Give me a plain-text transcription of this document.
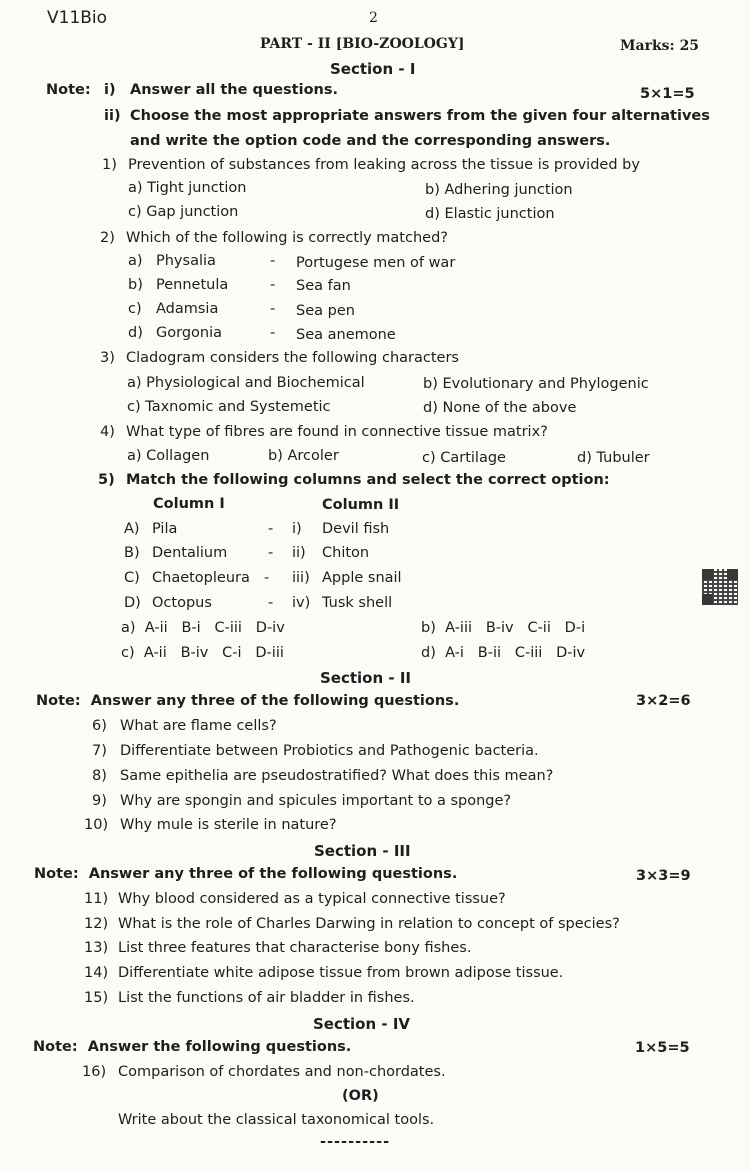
V11Bio	2
PART - II [BIO-ZOOLOGY]	Marks: 25
Section - I
Note: i) Answer all the questions.	5×1=5
ii) Choose the most appropriate answers from the given four alternatives
and write the option code and the corresponding answers.
1) Prevention of substances from leaking across the tissue is provided by
a) Tight junction	b) Adhering junction
c) Gap junction	d) Elastic junction
2) Which of the following is correctly matched?
a) Physalia	- Portugese men of war
b) Pennetula	- Sea fan
c) Adamsia	- Sea pen
d) Gorgonia	- Sea anemone
3) Cladogram considers the following characters
a) Physiological and Biochemical	b) Evolutionary and Phylogenic
c) Taxnomic and Systemetic	d) None of the above
4) What type of fibres are found in connective tissue matrix?
a) Collagen	b) Arcoler	c) Cartilage	d) Tubuler
5) Match the following columns and select the correct option:
Column I	Column II
A) Pila	- i) Devil fish
B) Dentalium	- ii) Chiton
C) Chaetopleura - iii) Apple snail
D) Octopus	- iv) Tusk shell
a)  A-ii   B-i   C-iii   D-iv	b)  A-iii   B-iv   C-ii   D-i
c)  A-ii   B-iv   C-i   D-iii	d)  A-i   B-ii   C-iii   D-iv
Section - II
Note:  Answer any three of the following questions.	3×2=6
6) What are flame cells?
7) Differentiate between Probiotics and Pathogenic bacteria.
8) Same epithelia are pseudostratified? What does this mean?
9) Why are spongin and spicules important to a sponge?
10) Why mule is sterile in nature?
Section - III
Note:  Answer any three of the following questions.	3×3=9
11) Why blood considered as a typical connective tissue?
12) What is the role of Charles Darwing in relation to concept of species?
13) List three features that characterise bony fishes.
14) Differentiate white adipose tissue from brown adipose tissue.
15) List the functions of air bladder in fishes.
Section - IV
Note:  Answer the following questions.	1×5=5
16) Comparison of chordates and non-chordates.
(OR)
Write about the classical taxonomical tools.
----------
